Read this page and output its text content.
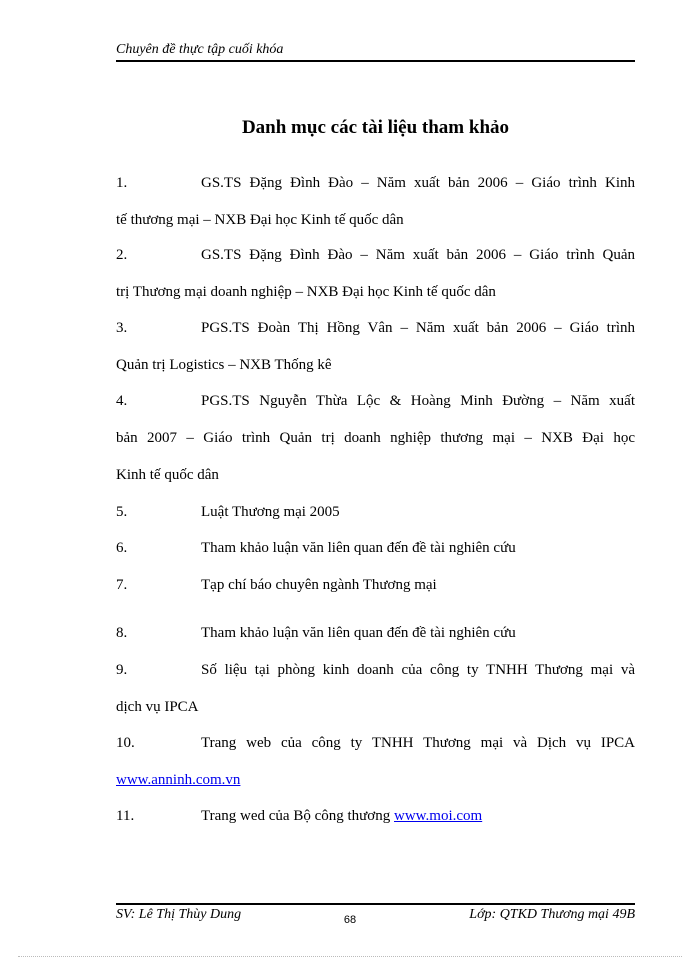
Chuyên đề thực tập cuối khóa
Danh mục các tài liệu tham khảo
1.	GS.TS Đặng Đình Đào – Năm xuất bản 2006 – Giáo trình Kinh
tế thương mại – NXB Đại học Kinh tế quốc dân
2.	GS.TS Đặng Đình Đào – Năm xuất bản 2006 – Giáo trình Quản
trị Thương mại doanh nghiệp – NXB Đại học Kinh tế quốc dân
3.	PGS.TS Đoàn Thị Hồng Vân – Năm xuất bản 2006 – Giáo trình
Quản trị Logistics – NXB Thống kê
4.	PGS.TS Nguyễn Thừa Lộc & Hoàng Minh Đường – Năm xuất
bản 2007 – Giáo trình Quản trị doanh nghiệp thương mại – NXB Đại học
Kinh tế quốc dân
5.	Luật Thương mại 2005
6.	Tham khảo luận văn liên quan đến đề tài nghiên cứu
7.	Tạp chí báo chuyên ngành Thương mại
8.	Tham khảo luận văn liên quan đến đề tài nghiên cứu
9.	Số liệu tại phòng kinh doanh của công ty TNHH Thương mại và
dịch vụ IPCA
10.	Trang web của công ty TNHH Thương mại và Dịch vụ IPCA
www.anninh.com.vn
11.	Trang wed của Bộ công thương www.moi.com
SV: Lê Thị Thùy Dung	Lớp: QTKD Thương mại 49B
68
